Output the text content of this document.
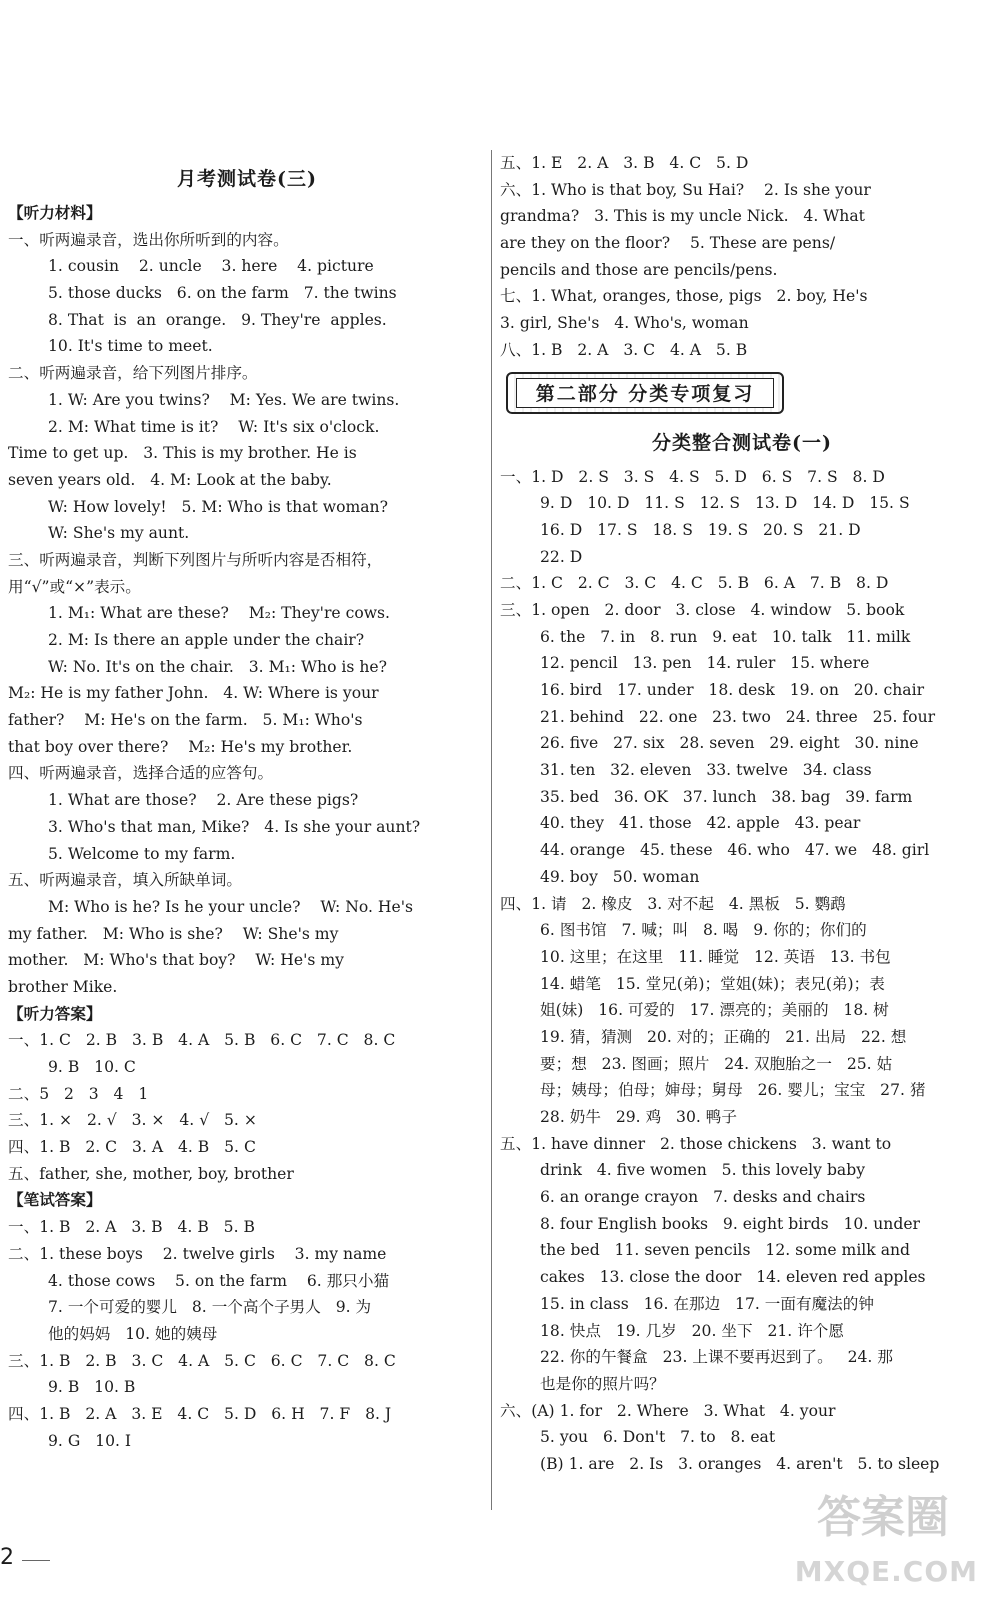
月考测试卷(三)
【听力材料】
一、听两遍录音，选出你所听到的内容。
1. cousin    2. uncle    3. here    4. picture
5. those ducks   6. on the farm   7. the twins
8. That  is  an  orange.   9. They're  apples.
10. It's time to meet.
二、听两遍录音，给下列图片排序。
1. W: Are you twins?    M: Yes. We are twins.
2. M: What time is it?    W: It's six o'clock.
Time to get up.   3. This is my brother. He is
seven years old.   4. M: Look at the baby.
W: How lovely!   5. M: Who is that woman?
W: She's my aunt.
三、听两遍录音，判断下列图片与所听内容是否相符，
用“√”或“×”表示。
1. M₁: What are these?    M₂: They're cows.
2. M: Is there an apple under the chair?
W: No. It's on the chair.   3. M₁: Who is he?
M₂: He is my father John.   4. W: Where is your
father?    M: He's on the farm.   5. M₁: Who's
that boy over there?    M₂: He's my brother.
四、听两遍录音，选择合适的应答句。
1. What are those?    2. Are these pigs?
3. Who's that man, Mike?   4. Is she your aunt?
5. Welcome to my farm.
五、听两遍录音，填入所缺单词。
M: Who is he? Is he your uncle?    W: No. He's
my father.   M: Who is she?    W: She's my
mother.   M: Who's that boy?    W: He's my
brother Mike.
【听力答案】
一、1. C   2. B   3. B   4. A   5. B   6. C   7. C   8. C
9. B   10. C
二、5   2   3   4   1
三、1. ×   2. √   3. ×   4. √   5. ×
四、1. B   2. C   3. A   4. B   5. C
五、father, she, mother, boy, brother
【笔试答案】
一、1. B   2. A   3. B   4. B   5. B
二、1. these boys    2. twelve girls    3. my name
4. those cows    5. on the farm    6. 那只小猫
7. 一个可爱的婴儿   8. 一个高个子男人   9. 为
他的妈妈   10. 她的姨母
三、1. B   2. B   3. C   4. A   5. C   6. C   7. C   8. C
9. B   10. B
四、1. B   2. A   3. E   4. C   5. D   6. H   7. F   8. J
9. G   10. I
五、1. E   2. A   3. B   4. C   5. D
六、1. Who is that boy, Su Hai?    2. Is she your
grandma?   3. This is my uncle Nick.   4. What
are they on the floor?    5. These are pens/
pencils and those are pencils/pens.
七、1. What, oranges, those, pigs   2. boy, He's
3. girl, She's   4. Who's, woman
八、1. B   2. A   3. C   4. A   5. B
第二部分 分类专项复习
分类整合测试卷(一)
一、1. D   2. S   3. S   4. S   5. D   6. S   7. S   8. D
9. D   10. D   11. S   12. S   13. D   14. D   15. S
16. D   17. S   18. S   19. S   20. S   21. D
22. D
二、1. C   2. C   3. C   4. C   5. B   6. A   7. B   8. D
三、1. open   2. door   3. close   4. window   5. book
6. the   7. in   8. run   9. eat   10. talk   11. milk
12. pencil   13. pen   14. ruler   15. where
16. bird   17. under   18. desk   19. on   20. chair
21. behind   22. one   23. two   24. three   25. four
26. five   27. six   28. seven   29. eight   30. nine
31. ten   32. eleven   33. twelve   34. class
35. bed   36. OK   37. lunch   38. bag   39. farm
40. they   41. those   42. apple   43. pear
44. orange   45. these   46. who   47. we   48. girl
49. boy   50. woman
四、1. 请   2. 橡皮   3. 对不起   4. 黑板   5. 鹦鹉
6. 图书馆   7. 喊；叫   8. 喝   9. 你的；你们的
10. 这里；在这里   11. 睡觉   12. 英语   13. 书包
14. 蜡笔   15. 堂兄(弟)；堂姐(妹)；表兄(弟)；表
姐(妹)   16. 可爱的   17. 漂亮的；美丽的   18. 树
19. 猜，猜测   20. 对的；正确的   21. 出局   22. 想
要；想   23. 图画；照片   24. 双胞胎之一   25. 姑
母；姨母；伯母；婶母；舅母   26. 婴儿；宝宝   27. 猪
28. 奶牛   29. 鸡   30. 鸭子
五、1. have dinner   2. those chickens   3. want to
drink   4. five women   5. this lovely baby
6. an orange crayon   7. desks and chairs
8. four English books   9. eight birds   10. under
the bed   11. seven pencils   12. some milk and
cakes   13. close the door   14. eleven red apples
15. in class   16. 在那边   17. 一面有魔法的钟
18. 快点   19. 几岁   20. 坐下   21. 许个愿
22. 你的午餐盒   23. 上课不要再迟到了。   24. 那
也是你的照片吗？
六、(A) 1. for   2. Where   3. What   4. your
5. you   6. Don't   7. to   8. eat
(B) 1. are   2. Is   3. oranges   4. aren't   5. to sleep
2
答案圈
MXQE.COM
